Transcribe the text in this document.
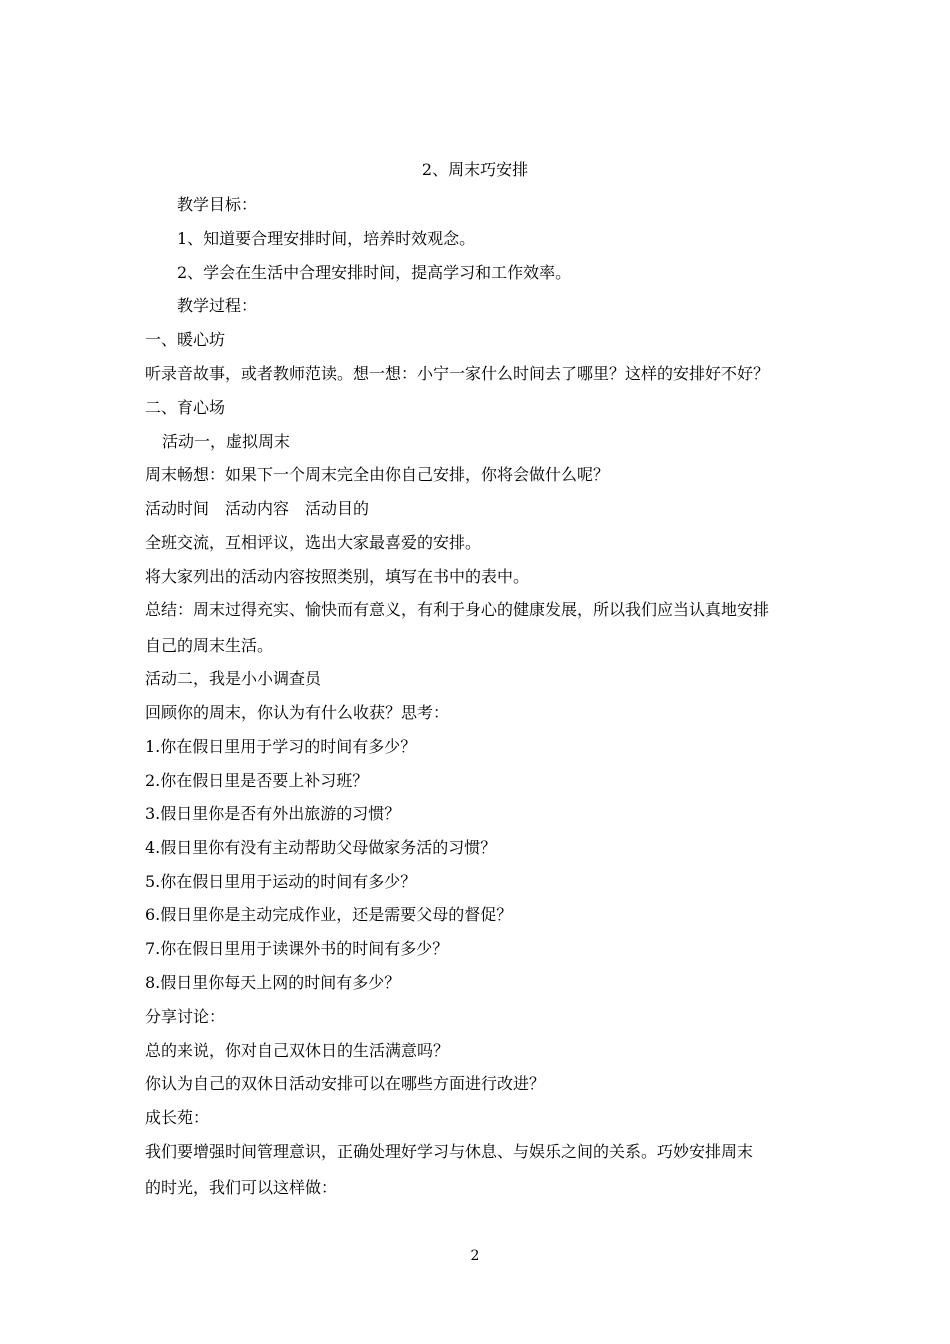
2、周末巧安排
教学目标：
1、知道要合理安排时间，培养时效观念。
2、学会在生活中合理安排时间，提高学习和工作效率。
教学过程：
一、暖心坊
听录音故事，或者教师范读。想一想：小宁一家什么时间去了哪里？这样的安排好不好？
二、育心场
活动一，虚拟周末
周末畅想：如果下一个周末完全由你自己安排，你将会做什么呢？
活动时间　活动内容　活动目的
全班交流，互相评议，选出大家最喜爱的安排。
将大家列出的活动内容按照类别，填写在书中的表中。
总结：周末过得充实、愉快而有意义，有利于身心的健康发展，所以我们应当认真地安排
自己的周末生活。
活动二，我是小小调查员
回顾你的周末，你认为有什么收获？思考：
1.你在假日里用于学习的时间有多少？
2.你在假日里是否要上补习班？
3.假日里你是否有外出旅游的习惯？
4.假日里你有没有主动帮助父母做家务活的习惯？
5.你在假日里用于运动的时间有多少？
6.假日里你是主动完成作业，还是需要父母的督促？
7.你在假日里用于读课外书的时间有多少？
8.假日里你每天上网的时间有多少？
分享讨论：
总的来说，你对自己双休日的生活满意吗？
你认为自己的双休日活动安排可以在哪些方面进行改进？
成长苑：
我们要增强时间管理意识，正确处理好学习与休息、与娱乐之间的关系。巧妙安排周末
的时光，我们可以这样做：
2
